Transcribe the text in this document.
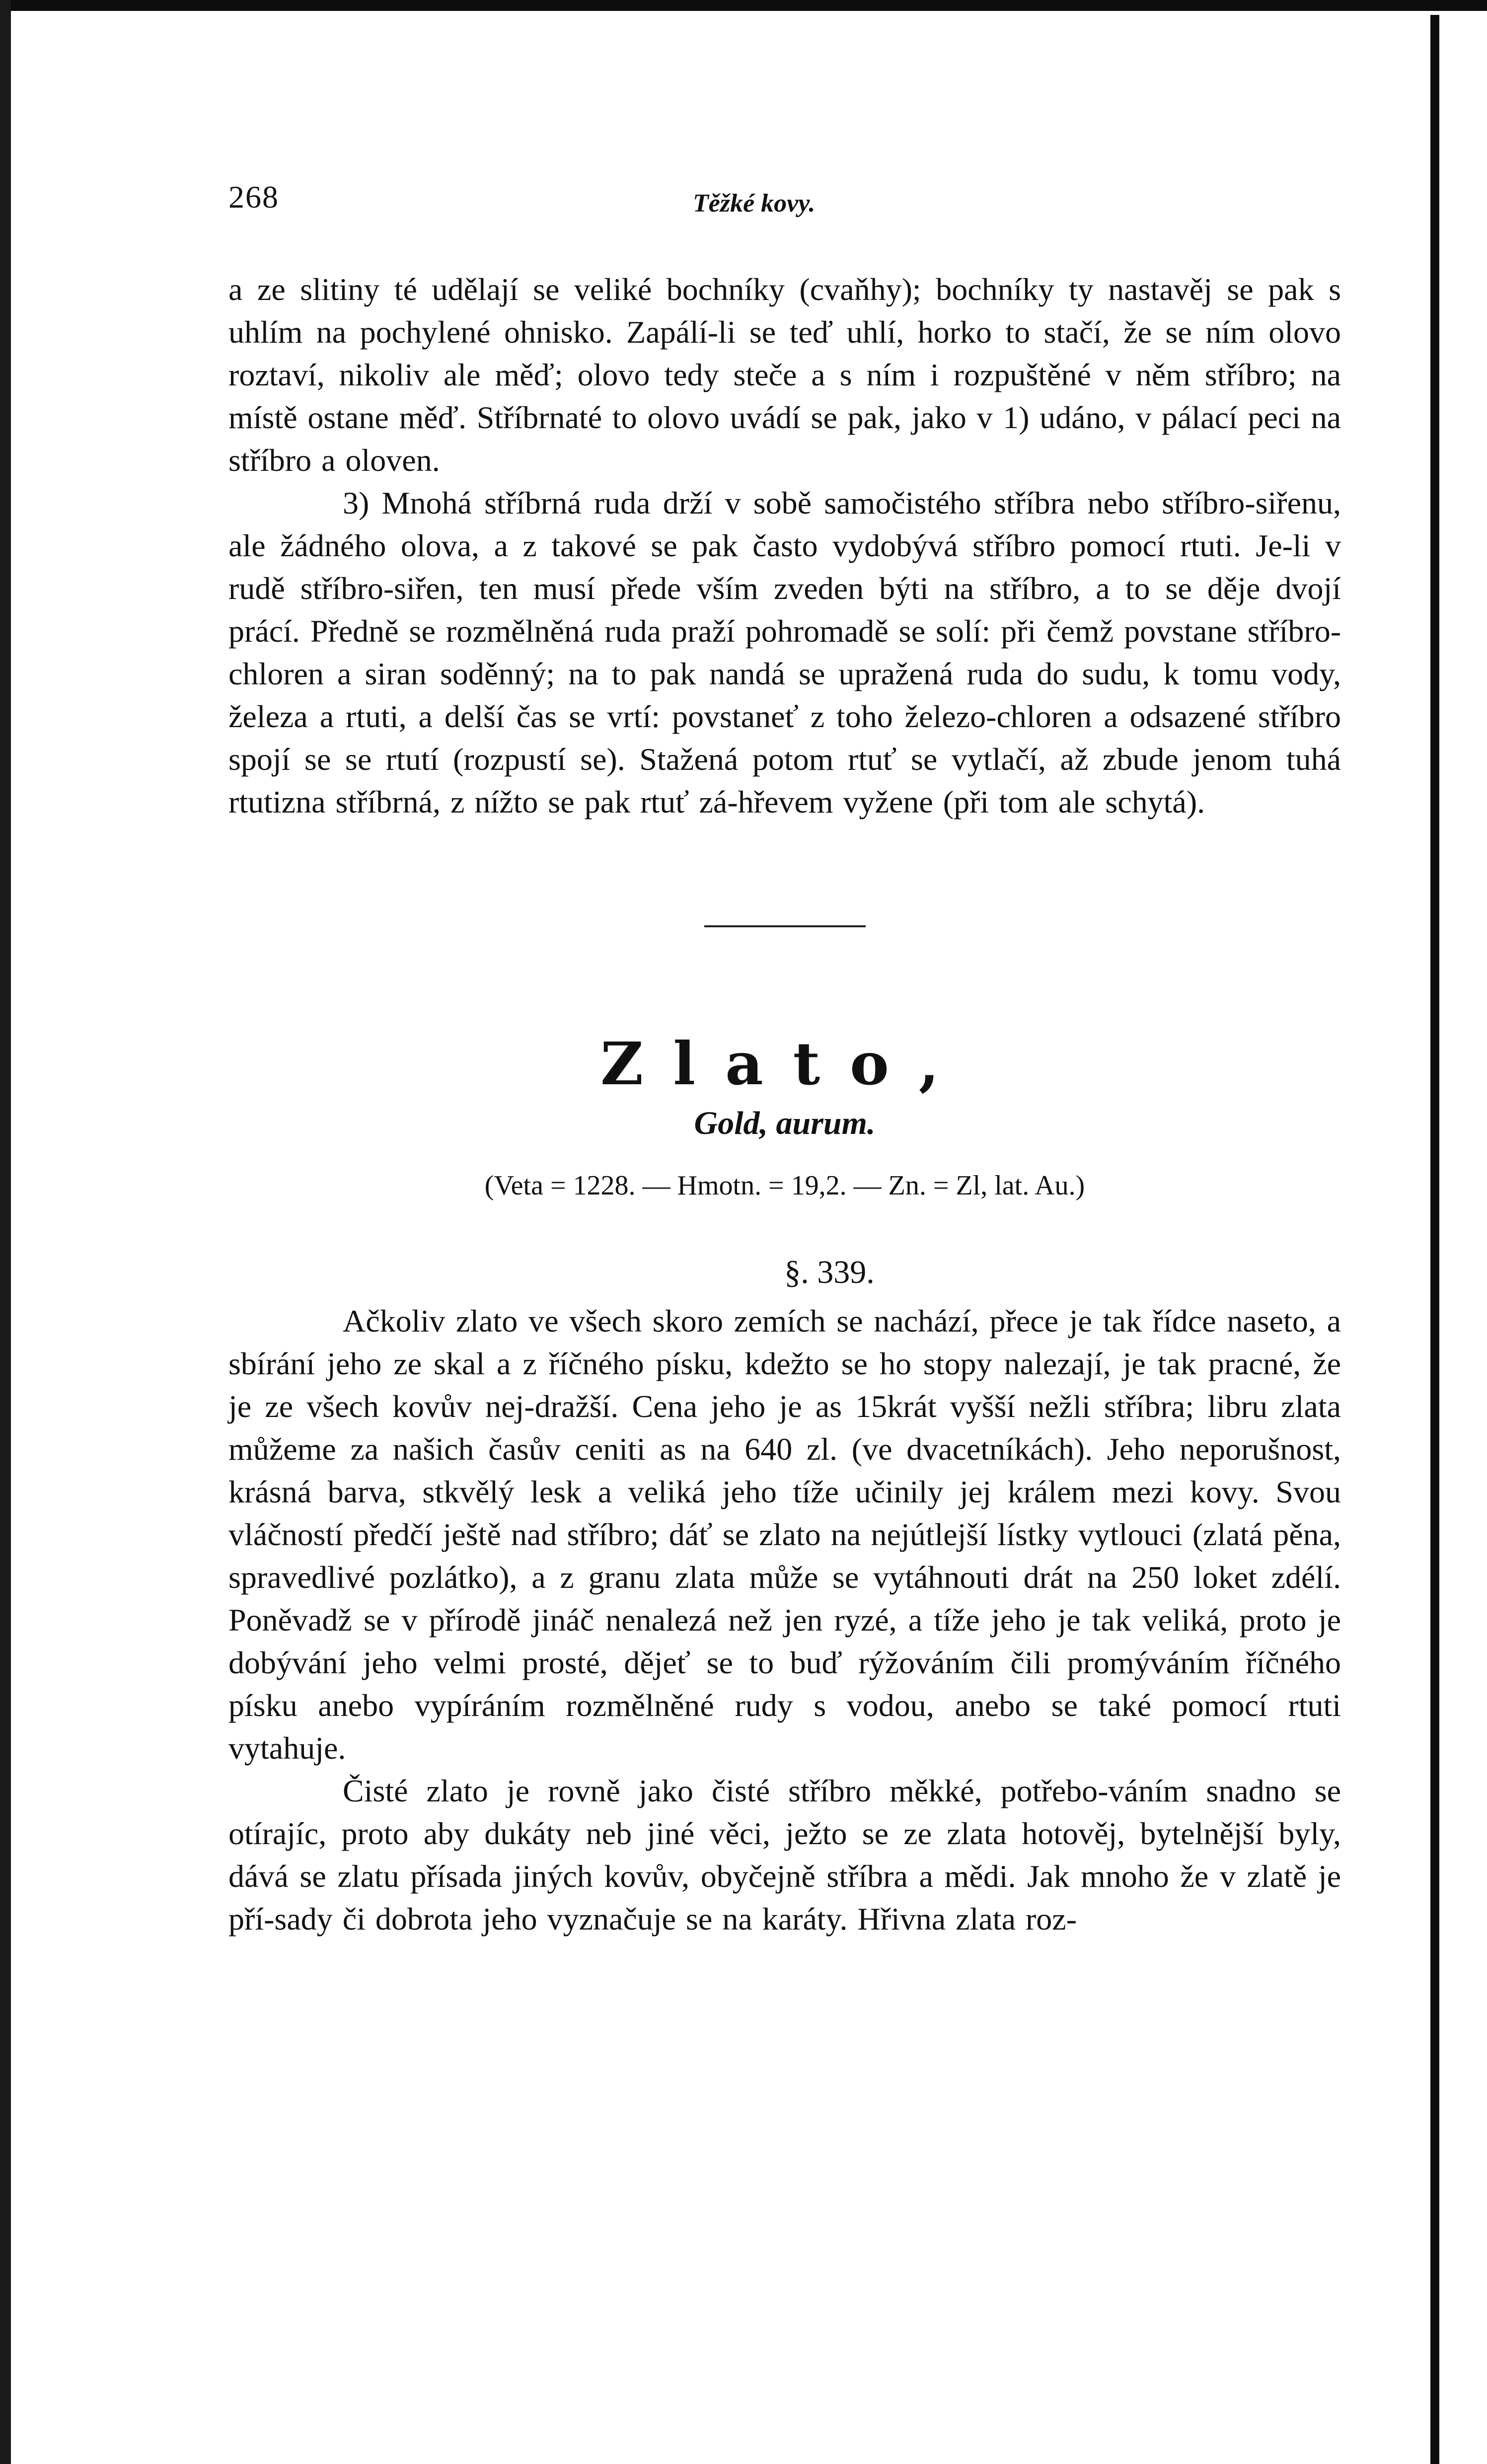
268	Těžké kovy.

a ze slitiny té udělají se veliké bochníky (cvaňhy); bochníky ty nastavěj se pak s uhlím na pochylené ohnisko. Zapálí-li se teď uhlí, horko to stačí, že se ním olovo roztaví, nikoliv ale měď; olovo tedy steče a s ním i rozpuštěné v něm stříbro; na místě ostane měď. Stříbrnaté to olovo uvádí se pak, jako v 1) udáno, v pálací peci na stříbro a oloven.

3) Mnohá stříbrná ruda drží v sobě samočistého stříbra nebo stříbro-siřenu, ale žádného olova, a z takové se pak často vydobývá stříbro pomocí rtuti. Je-li v rudě stříbro-siřen, ten musí přede vším zveden býti na stříbro, a to se děje dvojí prácí. Předně se rozmělněná ruda praží pohromadě se solí: při čemž povstane stříbro-chloren a siran soděnný; na to pak nandá se upražená ruda do sudu, k tomu vody, železa a rtuti, a delší čas se vrtí: povstaneť z toho železo-chloren a odsazené stříbro spojí se se rtutí (rozpustí se). Stažená potom rtuť se vytlačí, až zbude jenom tuhá rtutizna stříbrná, z nížto se pak rtuť zá-hřevem vyžene (při tom ale schytá).

Zlato,
Gold, aurum.
(Veta = 1228. — Hmotn. = 19,2. — Zn. = Zl, lat. Au.)
§. 339.

Ačkoliv zlato ve všech skoro zemích se nachází, přece je tak řídce naseto, a sbírání jeho ze skal a z říčného písku, kdežto se ho stopy nalezají, je tak pracné, že je ze všech kovův nej-dražší. Cena jeho je as 15krát vyšší nežli stříbra; libru zlata můžeme za našich časův ceniti as na 640 zl. (ve dvacetníkách). Jeho neporušnost, krásná barva, stkvělý lesk a veliká jeho tíže učinily jej králem mezi kovy. Svou vláčností předčí ještě nad stříbro; dáť se zlato na nejútlejší lístky vytlouci (zlatá pěna, spravedlivé pozlátko), a z granu zlata může se vytáhnouti drát na 250 loket zdélí. Poněvadž se v přírodě jináč nenalezá než jen ryzé, a tíže jeho je tak veliká, proto je dobývání jeho velmi prosté, dějeť se to buď rýžováním čili promýváním říčného písku anebo vypíráním rozmělněné rudy s vodou, anebo se také pomocí rtuti vytahuje.

Čisté zlato je rovně jako čisté stříbro měkké, potřebo-váním snadno se otírajíc, proto aby dukáty neb jiné věci, ježto se ze zlata hotověj, bytelnější byly, dává se zlatu přísada jiných kovův, obyčejně stříbra a mědi. Jak mnoho že v zlatě je pří-sady či dobrota jeho vyznačuje se na karáty. Hřivna zlata roz-
